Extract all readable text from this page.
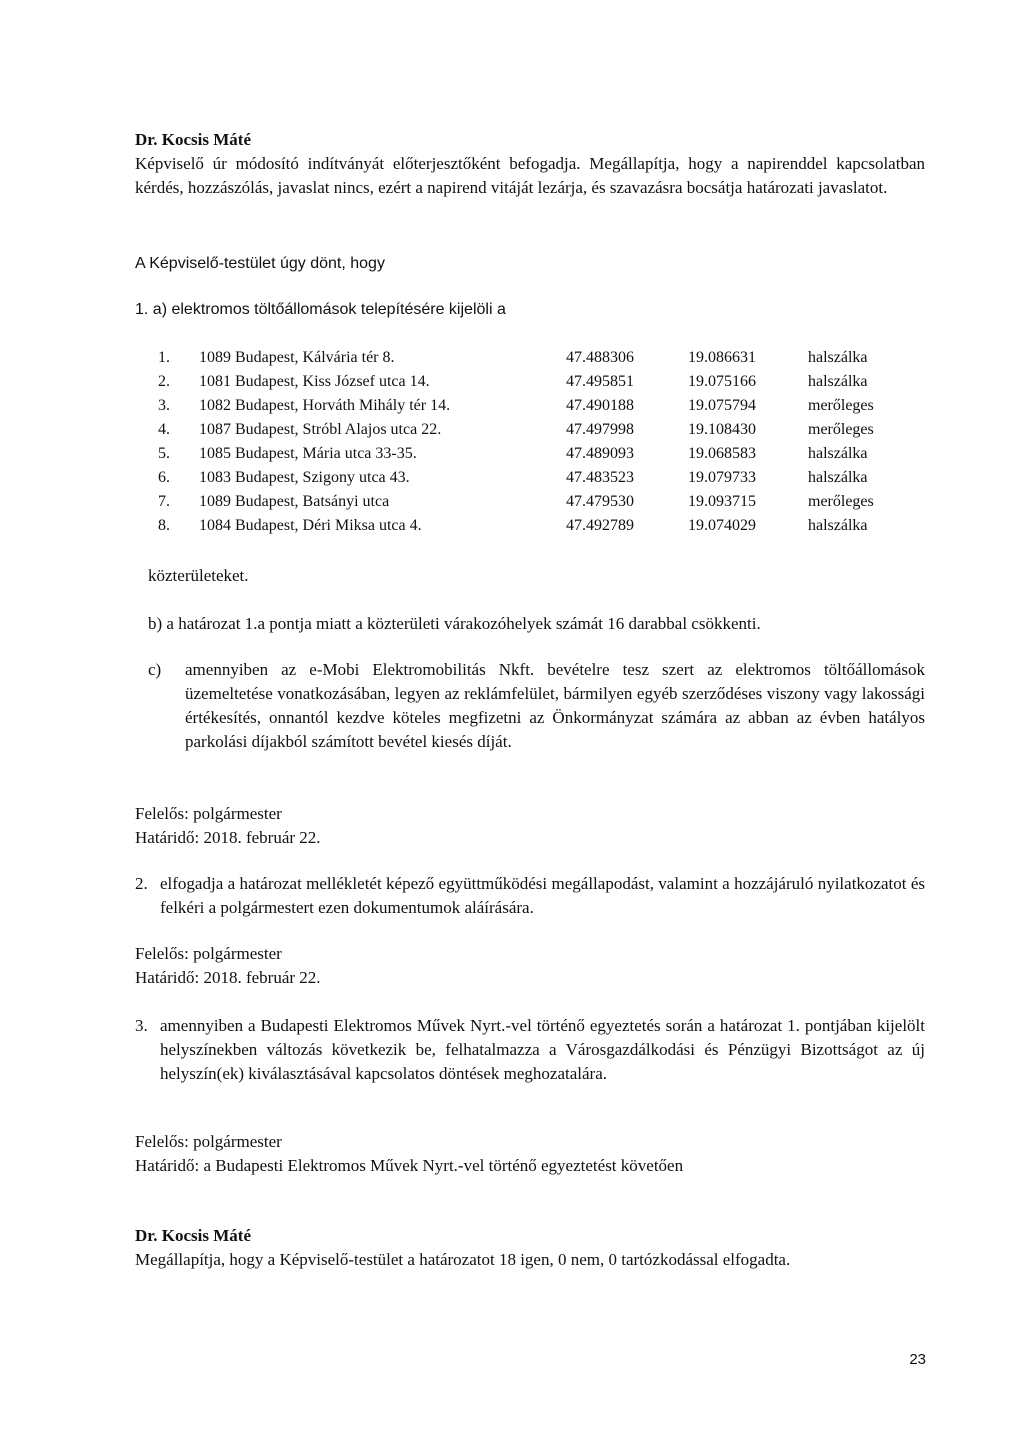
Dr. Kocsis Máté
Képviselő úr módosító indítványát előterjesztőként befogadja. Megállapítja, hogy a napirenddel kapcsolatban kérdés, hozzászólás, javaslat nincs, ezért a napirend vitáját lezárja, és szavazásra bocsátja határozati javaslatot.
A Képviselő-testület úgy dönt, hogy
1. a) elektromos töltőállomások telepítésére kijelöli a
1. 1089 Budapest, Kálvária tér 8.	47.488306	19.086631	halszálka
2. 1081 Budapest, Kiss József utca 14.	47.495851	19.075166	halszálka
3. 1082 Budapest, Horváth Mihály tér 14.	47.490188	19.075794	merőleges
4. 1087 Budapest, Stróbl Alajos utca 22.	47.497998	19.108430	merőleges
5. 1085 Budapest, Mária utca 33-35.	47.489093	19.068583	halszálka
6. 1083 Budapest, Szigony utca 43.	47.483523	19.079733	halszálka
7. 1089 Budapest, Batsányi utca	47.479530	19.093715	merőleges
8. 1084 Budapest, Déri Miksa utca 4.	47.492789	19.074029	halszálka
közterületeket.
b) a határozat 1.a pontja miatt a közterületi várakozóhelyek számát 16 darabbal csökkenti.
c) amennyiben az e-Mobi Elektromobilitás Nkft. bevételre tesz szert az elektromos töltőállomások üzemeltetése vonatkozásában, legyen az reklámfelület, bármilyen egyéb szerződéses viszony vagy lakossági értékesítés, onnantól kezdve köteles megfizetni az Önkormányzat számára az abban az évben hatályos parkolási díjakból számított bevétel kiesés díját.
Felelős: polgármester
Határidő: 2018. február 22.
2. elfogadja a határozat mellékletét képező együttműködési megállapodást, valamint a hozzájáruló nyilatkozatot és felkéri a polgármestert ezen dokumentumok aláírására.
Felelős: polgármester
Határidő: 2018. február 22.
3. amennyiben a Budapesti Elektromos Művek Nyrt.-vel történő egyeztetés során a határozat 1. pontjában kijelölt helyszínekben változás következik be, felhatalmazza a Városgazdálkodási és Pénzügyi Bizottságot az új helyszín(ek) kiválasztásával kapcsolatos döntések meghozatalára.
Felelős: polgármester
Határidő: a Budapesti Elektromos Művek Nyrt.-vel történő egyeztetést követően
Dr. Kocsis Máté
Megállapítja, hogy a Képviselő-testület a határozatot 18 igen, 0 nem, 0 tartózkodással elfogadta.
23
